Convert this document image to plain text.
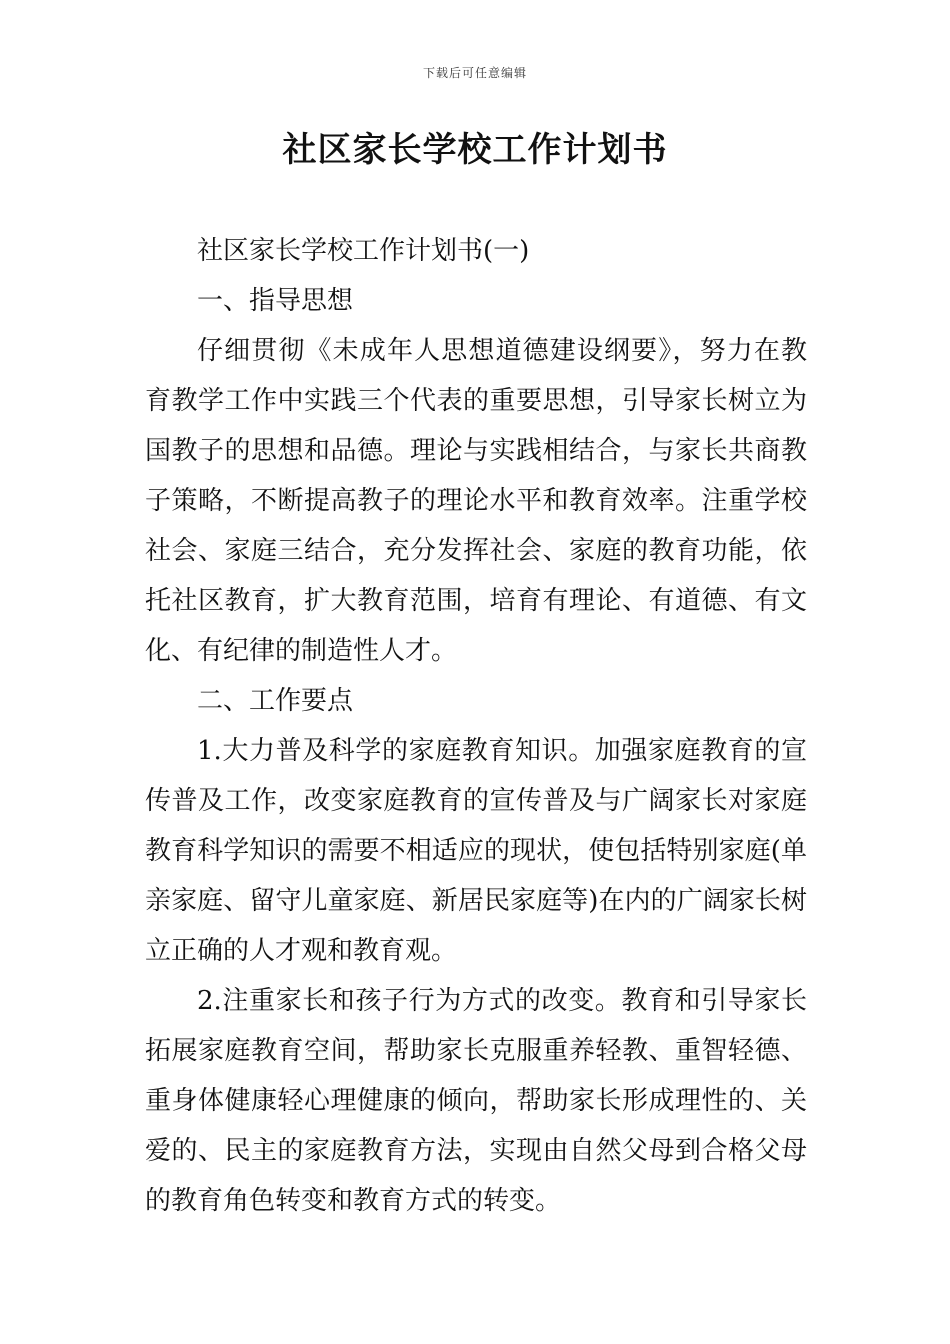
下载后可任意编辑
社区家长学校工作计划书

社区家长学校工作计划书(一)

一、指导思想

仔细贯彻《未成年人思想道德建设纲要》，努力在教育教学工作中实践三个代表的重要思想，引导家长树立为国教子的思想和品德。理论与实践相结合，与家长共商教子策略，不断提高教子的理论水平和教育效率。注重学校社会、家庭三结合，充分发挥社会、家庭的教育功能，依托社区教育，扩大教育范围，培育有理论、有道德、有文化、有纪律的制造性人才。

二、工作要点

1.大力普及科学的家庭教育知识。加强家庭教育的宣传普及工作，改变家庭教育的宣传普及与广阔家长对家庭教育科学知识的需要不相适应的现状，使包括特别家庭(单亲家庭、留守儿童家庭、新居民家庭等)在内的广阔家长树立正确的人才观和教育观。

2.注重家长和孩子行为方式的改变。教育和引导家长拓展家庭教育空间，帮助家长克服重养轻教、重智轻德、重身体健康轻心理健康的倾向，帮助家长形成理性的、关爱的、民主的家庭教育方法，实现由自然父母到合格父母的教育角色转变和教育方式的转变。
